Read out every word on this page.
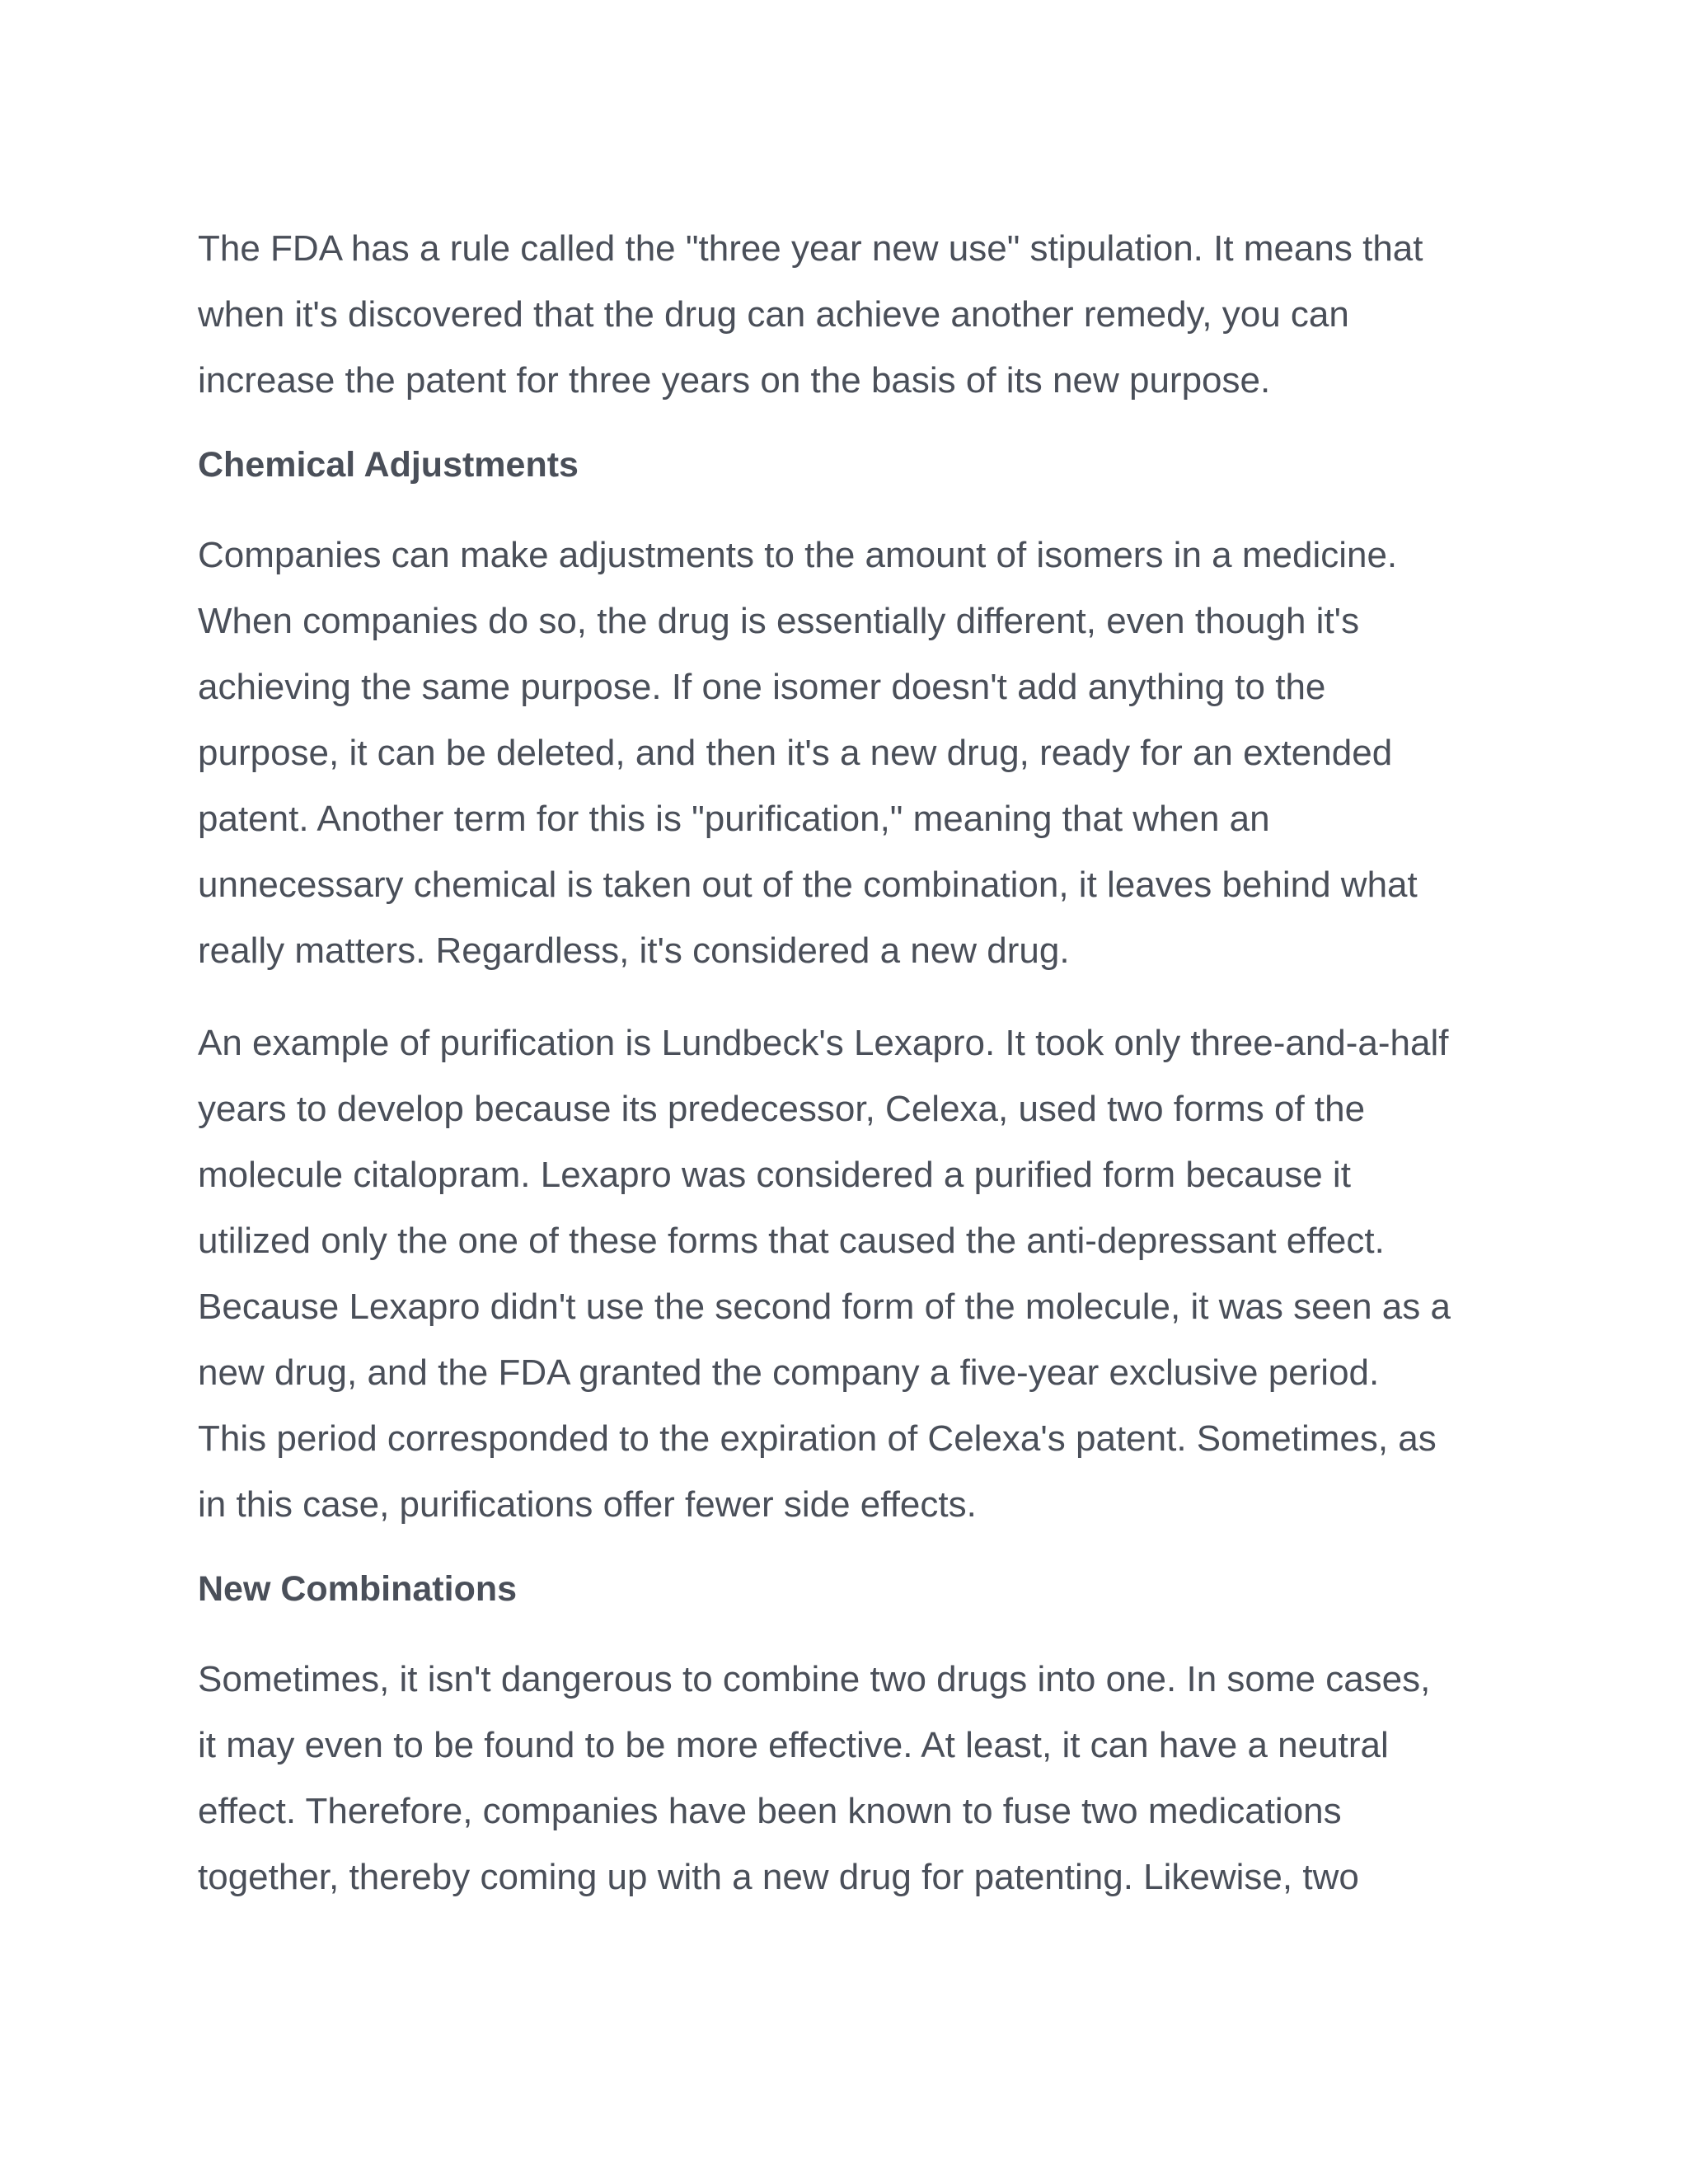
The FDA has a rule called the "three year new use" stipulation. It means that
when it's discovered that the drug can achieve another remedy, you can
increase the patent for three years on the basis of its new purpose.

Chemical Adjustments

Companies can make adjustments to the amount of isomers in a medicine.
When companies do so, the drug is essentially different, even though it's
achieving the same purpose. If one isomer doesn't add anything to the
purpose, it can be deleted, and then it's a new drug, ready for an extended
patent. Another term for this is "purification," meaning that when an
unnecessary chemical is taken out of the combination, it leaves behind what
really matters. Regardless, it's considered a new drug.

An example of purification is Lundbeck's Lexapro. It took only three-and-a-half
years to develop because its predecessor, Celexa, used two forms of the
molecule citalopram. Lexapro was considered a purified form because it
utilized only the one of these forms that caused the anti-depressant effect.
Because Lexapro didn't use the second form of the molecule, it was seen as a
new drug, and the FDA granted the company a five-year exclusive period.
This period corresponded to the expiration of Celexa's patent. Sometimes, as
in this case, purifications offer fewer side effects.

New Combinations

Sometimes, it isn't dangerous to combine two drugs into one. In some cases,
it may even to be found to be more effective. At least, it can have a neutral
effect. Therefore, companies have been known to fuse two medications
together, thereby coming up with a new drug for patenting. Likewise, two
